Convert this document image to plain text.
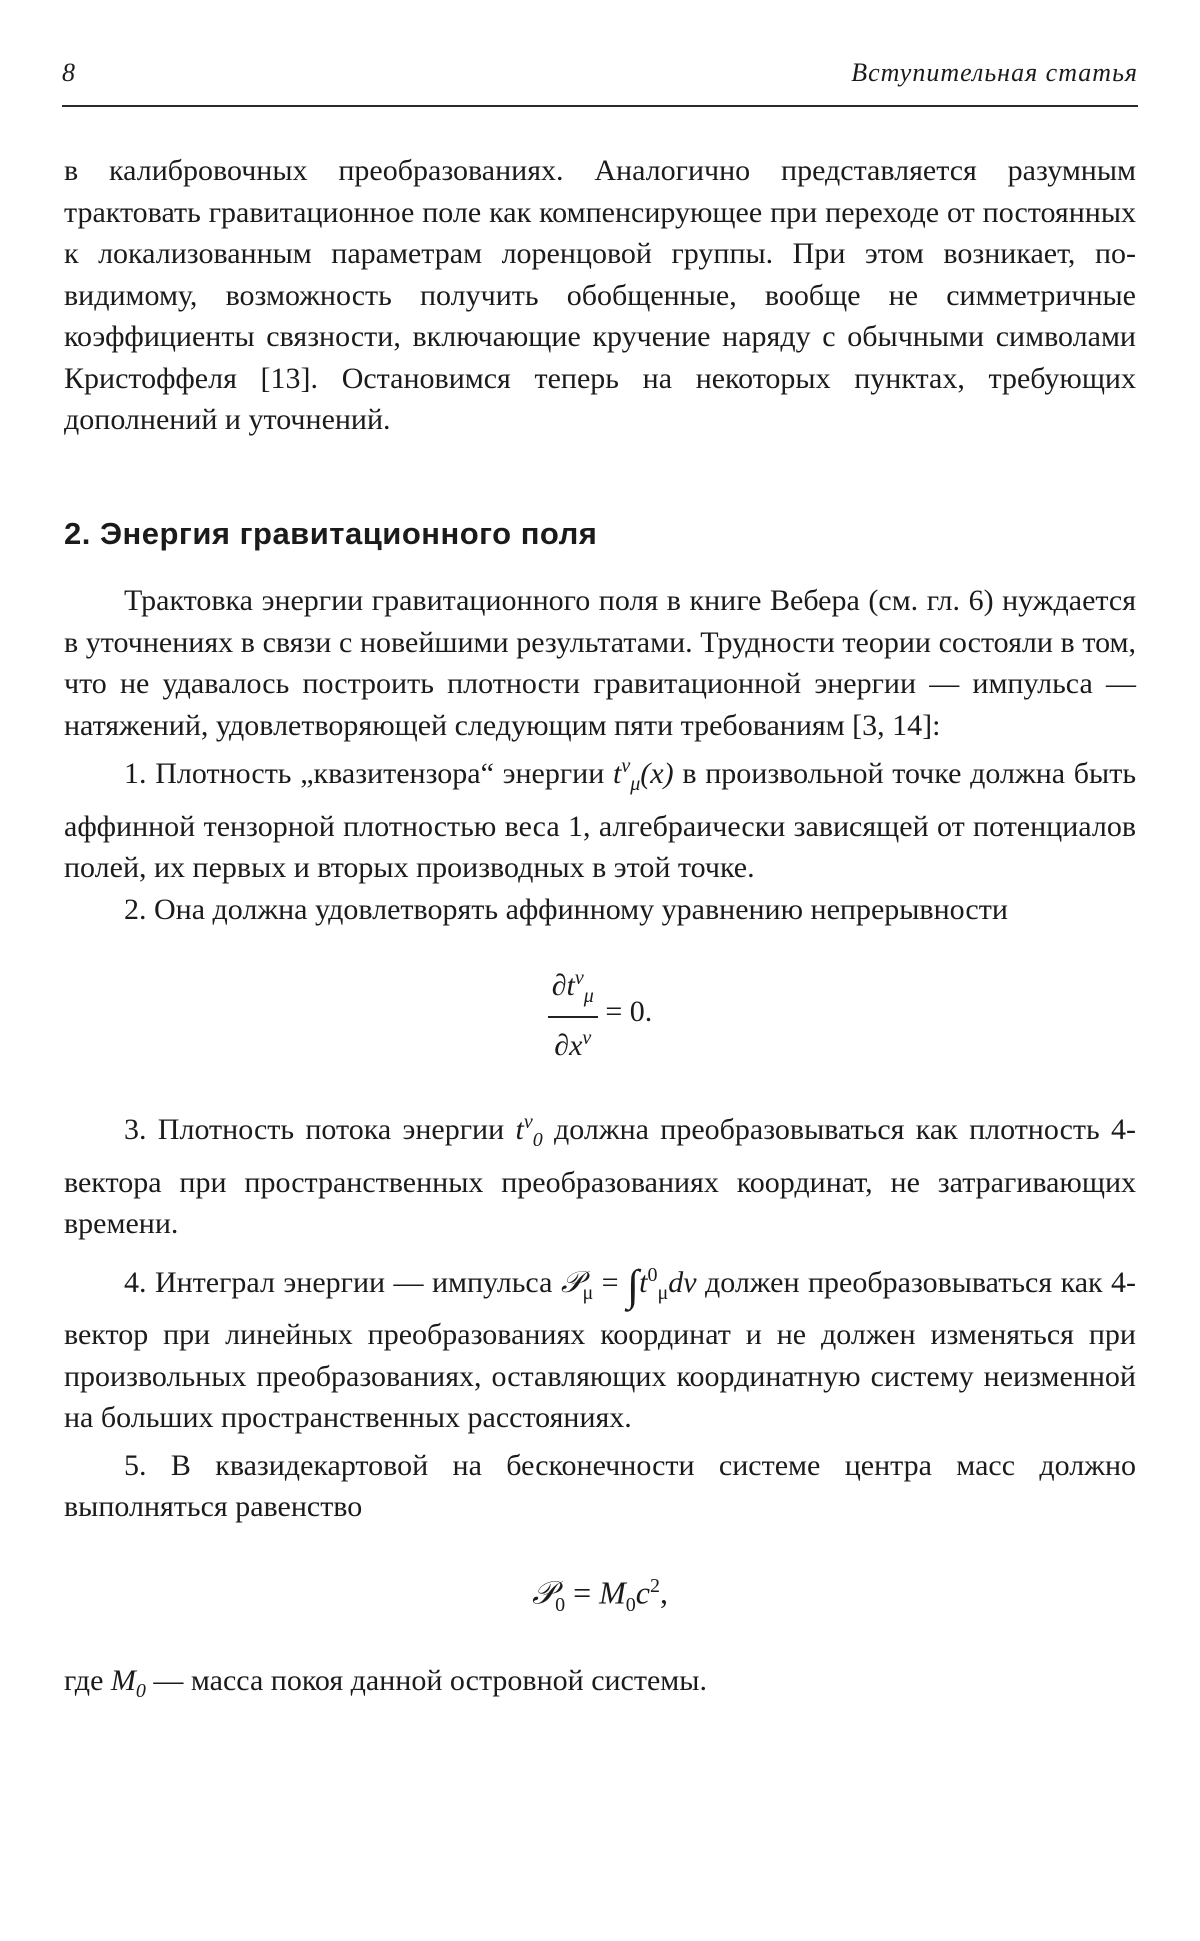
8	Вступительная статья

в калибровочных преобразованиях. Аналогично представляется разумным трактовать гравитационное поле как компенсирующее при переходе от постоянных к локализованным параметрам лоренцовой группы. При этом возникает, по-видимому, возможность получить обобщенные, вообще не симметричные коэффициенты связности, включающие кручение наряду с обычными символами Кристоффеля [13]. Остановимся теперь на некоторых пунктах, требующих дополнений и уточнений.

2. Энергия гравитационного поля

Трактовка энергии гравитационного поля в книге Вебера (см. гл. 6) нуждается в уточнениях в связи с новейшими результатами. Трудности теории состояли в том, что не удавалось построить плотности гравитационной энергии — импульса — натяжений, удовлетворяющей следующим пяти требованиям [3, 14]:

1. Плотность „квазитензора“ энергии $t^\nu_\mu(x)$ в произвольной точке должна быть аффинной тензорной плотностью веса 1, алгебраически зависящей от потенциалов полей, их первых и вторых производных в этой точке.

2. Она должна удовлетворять аффинному уравнению непрерывности

$\frac{\partial t^\nu_\mu}{\partial x^\nu} = 0$.

3. Плотность потока энергии $t^\nu_0$ должна преобразовываться как плотность 4-вектора при пространственных преобразованиях координат, не затрагивающих времени.

4. Интеграл энергии — импульса 𝒫$_\mu$ = $\int t^0_\mu dv$ должен преобразовываться как 4-вектор при линейных преобразованиях координат и не должен изменяться при произвольных преобразованиях, оставляющих координатную систему неизменной на больших пространственных расстояниях.

5. В квазидекартовой на бесконечности системе центра масс должно выполняться равенство

𝒫$_0$ = $M_0c^2$,

где $M_0$ — масса покоя данной островной системы.
